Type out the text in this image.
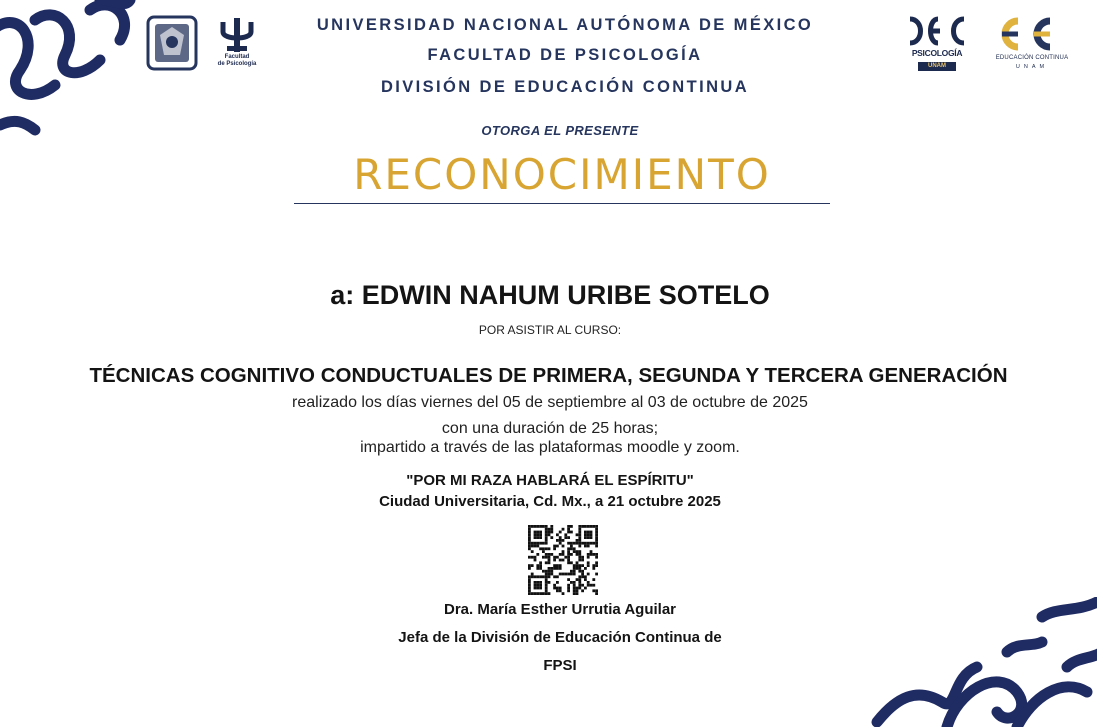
Facultad
de Psicología
PSICOLOGÍA
UNAM
EDUCACIÓN CONTINUA
UNAM
UNIVERSIDAD NACIONAL AUTÓNOMA DE MÉXICO
FACULTAD DE PSICOLOGÍA
DIVISIÓN DE EDUCACIÓN CONTINUA
OTORGA EL PRESENTE
RECONOCIMIENTO
a: EDWIN NAHUM URIBE SOTELO
POR ASISTIR AL CURSO:
TÉCNICAS COGNITIVO CONDUCTUALES DE PRIMERA, SEGUNDA Y TERCERA GENERACIÓN
realizado los días viernes del 05 de septiembre al 03 de octubre de 2025
con una duración de 25 horas;
impartido a través de las plataformas moodle y zoom.
"POR MI RAZA HABLARÁ EL ESPÍRITU"
Ciudad Universitaria, Cd. Mx., a 21 octubre 2025
Dra. María Esther Urrutia Aguilar
Jefa de la División de Educación Continua de
FPSI
